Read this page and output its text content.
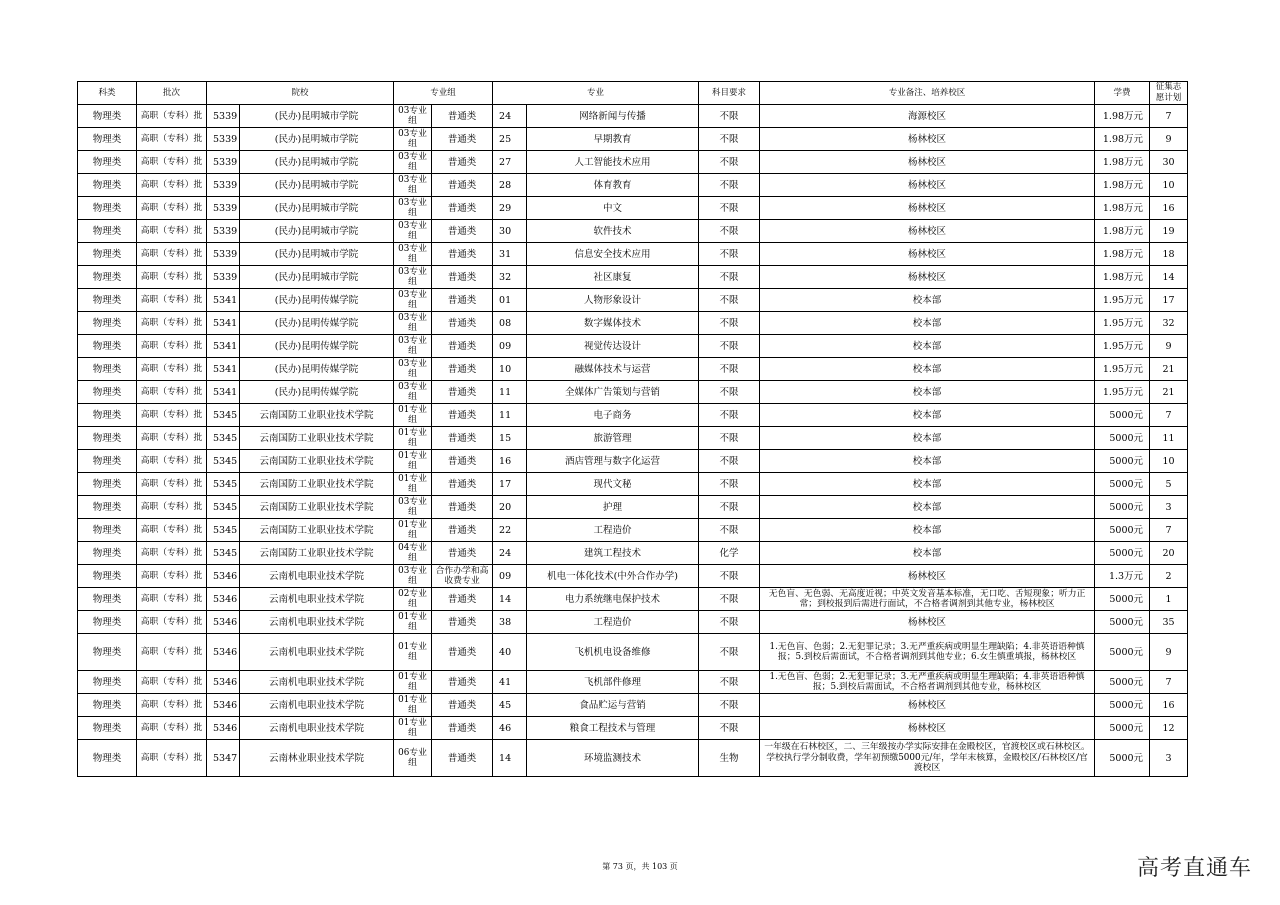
科类	批次	院校		专业组		专业		科目要求	专业备注、培养校区	学费	征集志愿计划
物理类	高职（专科）批	5339	(民办)昆明城市学院	03专业组	普通类	24	网络新闻与传播	不限	海源校区	1.98万元	7
物理类	高职（专科）批	5339	(民办)昆明城市学院	03专业组	普通类	25	早期教育	不限	杨林校区	1.98万元	9
物理类	高职（专科）批	5339	(民办)昆明城市学院	03专业组	普通类	27	人工智能技术应用	不限	杨林校区	1.98万元	30
物理类	高职（专科）批	5339	(民办)昆明城市学院	03专业组	普通类	28	体育教育	不限	杨林校区	1.98万元	10
物理类	高职（专科）批	5339	(民办)昆明城市学院	03专业组	普通类	29	中文	不限	杨林校区	1.98万元	16
物理类	高职（专科）批	5339	(民办)昆明城市学院	03专业组	普通类	30	软件技术	不限	杨林校区	1.98万元	19
物理类	高职（专科）批	5339	(民办)昆明城市学院	03专业组	普通类	31	信息安全技术应用	不限	杨林校区	1.98万元	18
物理类	高职（专科）批	5339	(民办)昆明城市学院	03专业组	普通类	32	社区康复	不限	杨林校区	1.98万元	14
物理类	高职（专科）批	5341	(民办)昆明传媒学院	03专业组	普通类	01	人物形象设计	不限	校本部	1.95万元	17
物理类	高职（专科）批	5341	(民办)昆明传媒学院	03专业组	普通类	08	数字媒体技术	不限	校本部	1.95万元	32
物理类	高职（专科）批	5341	(民办)昆明传媒学院	03专业组	普通类	09	视觉传达设计	不限	校本部	1.95万元	9
物理类	高职（专科）批	5341	(民办)昆明传媒学院	03专业组	普通类	10	融媒体技术与运营	不限	校本部	1.95万元	21
物理类	高职（专科）批	5341	(民办)昆明传媒学院	03专业组	普通类	11	全媒体广告策划与营销	不限	校本部	1.95万元	21
物理类	高职（专科）批	5345	云南国防工业职业技术学院	01专业组	普通类	11	电子商务	不限	校本部	5000元	7
物理类	高职（专科）批	5345	云南国防工业职业技术学院	01专业组	普通类	15	旅游管理	不限	校本部	5000元	11
物理类	高职（专科）批	5345	云南国防工业职业技术学院	01专业组	普通类	16	酒店管理与数字化运营	不限	校本部	5000元	10
物理类	高职（专科）批	5345	云南国防工业职业技术学院	01专业组	普通类	17	现代文秘	不限	校本部	5000元	5
物理类	高职（专科）批	5345	云南国防工业职业技术学院	03专业组	普通类	20	护理	不限	校本部	5000元	3
物理类	高职（专科）批	5345	云南国防工业职业技术学院	01专业组	普通类	22	工程造价	不限	校本部	5000元	7
物理类	高职（专科）批	5345	云南国防工业职业技术学院	04专业组	普通类	24	建筑工程技术	化学	校本部	5000元	20
物理类	高职（专科）批	5346	云南机电职业技术学院	03专业组	合作办学和高收费专业	09	机电一体化技术(中外合作办学)	不限	杨林校区	1.3万元	2
物理类	高职（专科）批	5346	云南机电职业技术学院	02专业组	普通类	14	电力系统继电保护技术	不限	无色盲、无色弱、无高度近视；中英文发音基本标准，无口吃、舌短现象；听力正常；到校报到后需进行面试，不合格者调剂到其他专业，杨林校区	5000元	1
物理类	高职（专科）批	5346	云南机电职业技术学院	01专业组	普通类	38	工程造价	不限	杨林校区	5000元	35
物理类	高职（专科）批	5346	云南机电职业技术学院	01专业组	普通类	40	飞机机电设备维修	不限	1.无色盲、色弱；2.无犯罪记录；3.无严重疾病或明显生理缺陷；4.非英语语种慎报；5.到校后需面试，不合格者调剂到其他专业；6.女生慎重填报，杨林校区	5000元	9
物理类	高职（专科）批	5346	云南机电职业技术学院	01专业组	普通类	41	飞机部件修理	不限	1.无色盲、色弱；2.无犯罪记录；3.无严重疾病或明显生理缺陷；4.非英语语种慎报；5.到校后需面试，不合格者调剂到其他专业，杨林校区	5000元	7
物理类	高职（专科）批	5346	云南机电职业技术学院	01专业组	普通类	45	食品贮运与营销	不限	杨林校区	5000元	16
物理类	高职（专科）批	5346	云南机电职业技术学院	01专业组	普通类	46	粮食工程技术与管理	不限	杨林校区	5000元	12
物理类	高职（专科）批	5347	云南林业职业技术学院	06专业组	普通类	14	环境监测技术	生物	一年级在石林校区，二、三年级按办学实际安排在金殿校区，官渡校区或石林校区。学校执行学分制收费，学年初预缴5000元/年，学年末核算，金殿校区/石林校区/官渡校区	5000元	3
第 73 页，共 103 页	高考直通车
